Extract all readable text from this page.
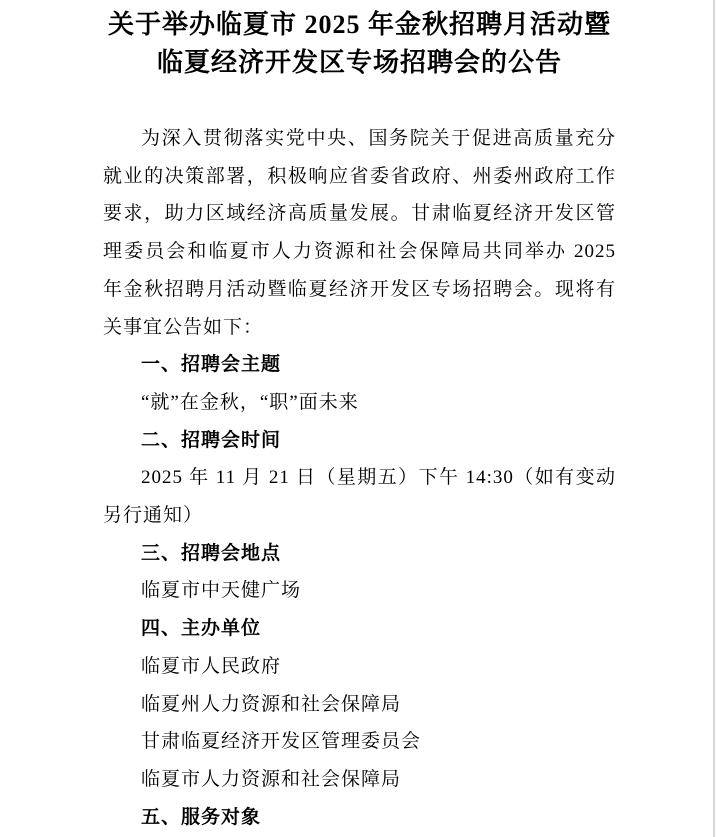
关于举办临夏市 2025 年金秋招聘月活动暨
临夏经济开发区专场招聘会的公告

为深入贯彻落实党中央、国务院关于促进高质量充分就业的决策部署，积极响应省委省政府、州委州政府工作要求，助力区域经济高质量发展。甘肃临夏经济开发区管理委员会和临夏市人力资源和社会保障局共同举办 2025 年金秋招聘月活动暨临夏经济开发区专场招聘会。现将有关事宜公告如下：

一、招聘会主题

“就”在金秋，“职”面未来

二、招聘会时间

2025 年 11 月 21 日（星期五）下午 14:30（如有变动另行通知）

三、招聘会地点

临夏市中天健广场

四、主办单位

临夏市人民政府

临夏州人力资源和社会保障局

甘肃临夏经济开发区管理委员会

临夏市人力资源和社会保障局

五、服务对象
